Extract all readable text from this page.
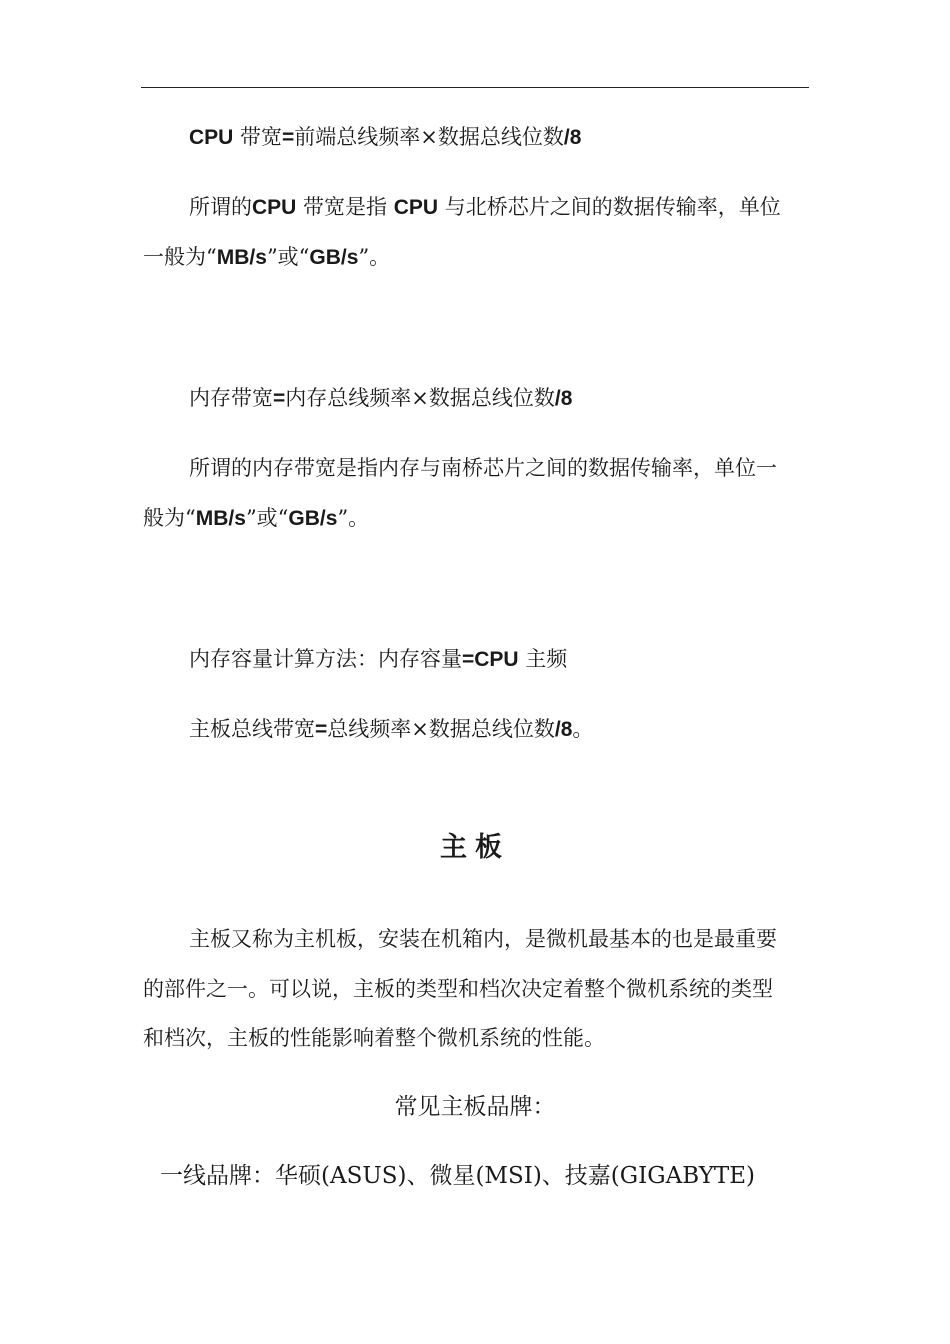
CPU 带宽=前端总线频率×数据总线位数/8
所谓的CPU 带宽是指 CPU 与北桥芯片之间的数据传输率，单位
一般为“MB/s”或“GB/s”。
内存带宽=内存总线频率×数据总线位数/8
所谓的内存带宽是指内存与南桥芯片之间的数据传输率，单位一
般为“MB/s”或“GB/s”。
内存容量计算方法：内存容量=CPU 主频
主板总线带宽=总线频率×数据总线位数/8。
主板
主板又称为主机板，安装在机箱内，是微机最基本的也是最重要
的部件之一。可以说，主板的类型和档次决定着整个微机系统的类型
和档次，主板的性能影响着整个微机系统的性能。
常见主板品牌：
一线品牌：华硕(ASUS)、微星(MSI)、技嘉(GIGABYTE)
